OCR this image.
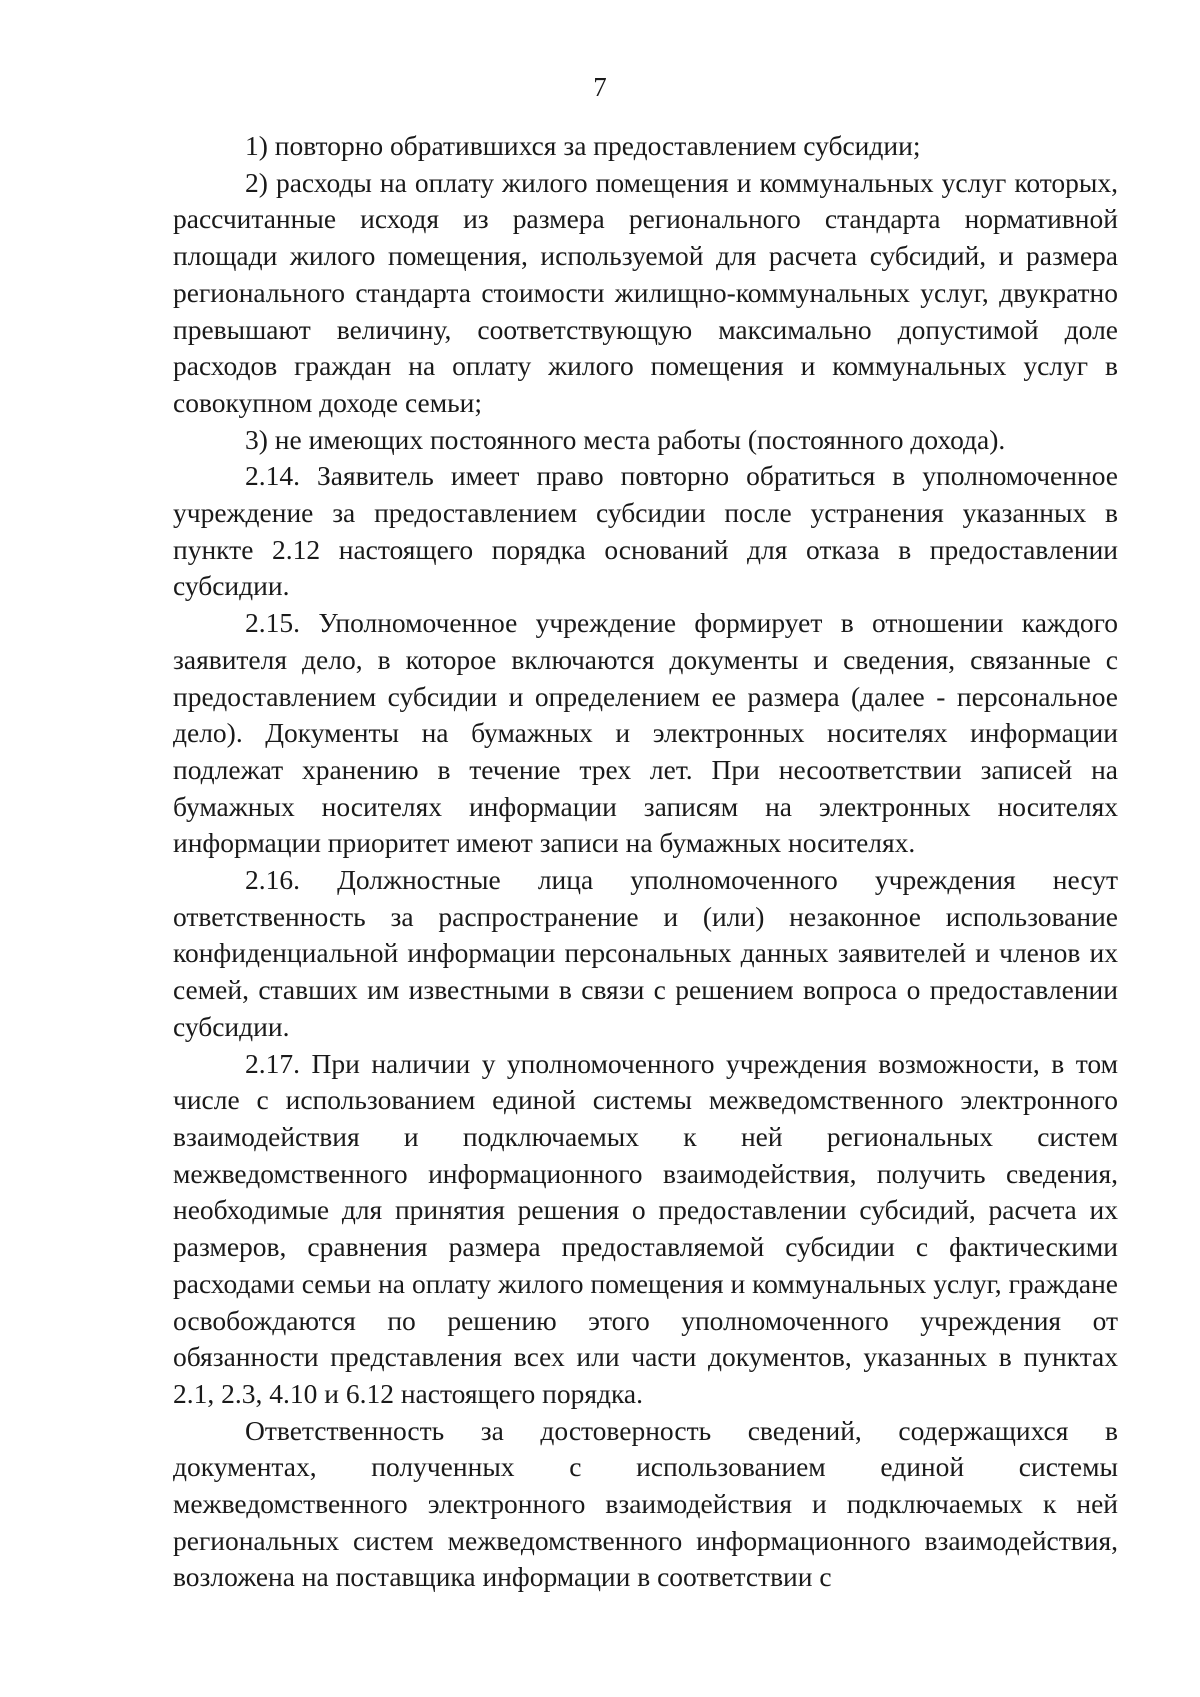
7

1) повторно обратившихся за предоставлением субсидии;

2) расходы на оплату жилого помещения и коммунальных услуг которых, рассчитанные исходя из размера регионального стандарта нормативной площади жилого помещения, используемой для расчета субсидий, и размера регионального стандарта стоимости жилищно-коммунальных услуг, двукратно превышают величину, соответствующую максимально допустимой доле расходов граждан на оплату жилого помещения и коммунальных услуг в совокупном доходе семьи;

3) не имеющих постоянного места работы (постоянного дохода).

2.14. Заявитель имеет право повторно обратиться в уполномоченное учреждение за предоставлением субсидии после устранения указанных в пункте 2.12 настоящего порядка оснований для отказа в предоставлении субсидии.

2.15. Уполномоченное учреждение формирует в отношении каждого заявителя дело, в которое включаются документы и сведения, связанные с предоставлением субсидии и определением ее размера (далее - персональное дело). Документы на бумажных и электронных носителях информации подлежат хранению в течение трех лет. При несоответствии записей на бумажных носителях информации записям на электронных носителях информации приоритет имеют записи на бумажных носителях.

2.16. Должностные лица уполномоченного учреждения несут ответственность за распространение и (или) незаконное использование конфиденциальной информации персональных данных заявителей и членов их семей, ставших им известными в связи с решением вопроса о предоставлении субсидии.

2.17. При наличии у уполномоченного учреждения возможности, в том числе с использованием единой системы межведомственного электронного взаимодействия и подключаемых к ней региональных систем межведомственного информационного взаимодействия, получить сведения, необходимые для принятия решения о предоставлении субсидий, расчета их размеров, сравнения размера предоставляемой субсидии с фактическими расходами семьи на оплату жилого помещения и коммунальных услуг, граждане освобождаются по решению этого уполномоченного учреждения от обязанности представления всех или части документов, указанных в пунктах 2.1, 2.3, 4.10 и 6.12 настоящего порядка.

Ответственность за достоверность сведений, содержащихся в документах, полученных с использованием единой системы межведомственного электронного взаимодействия и подключаемых к ней региональных систем межведомственного информационного взаимодействия, возложена на поставщика информации в соответствии с
